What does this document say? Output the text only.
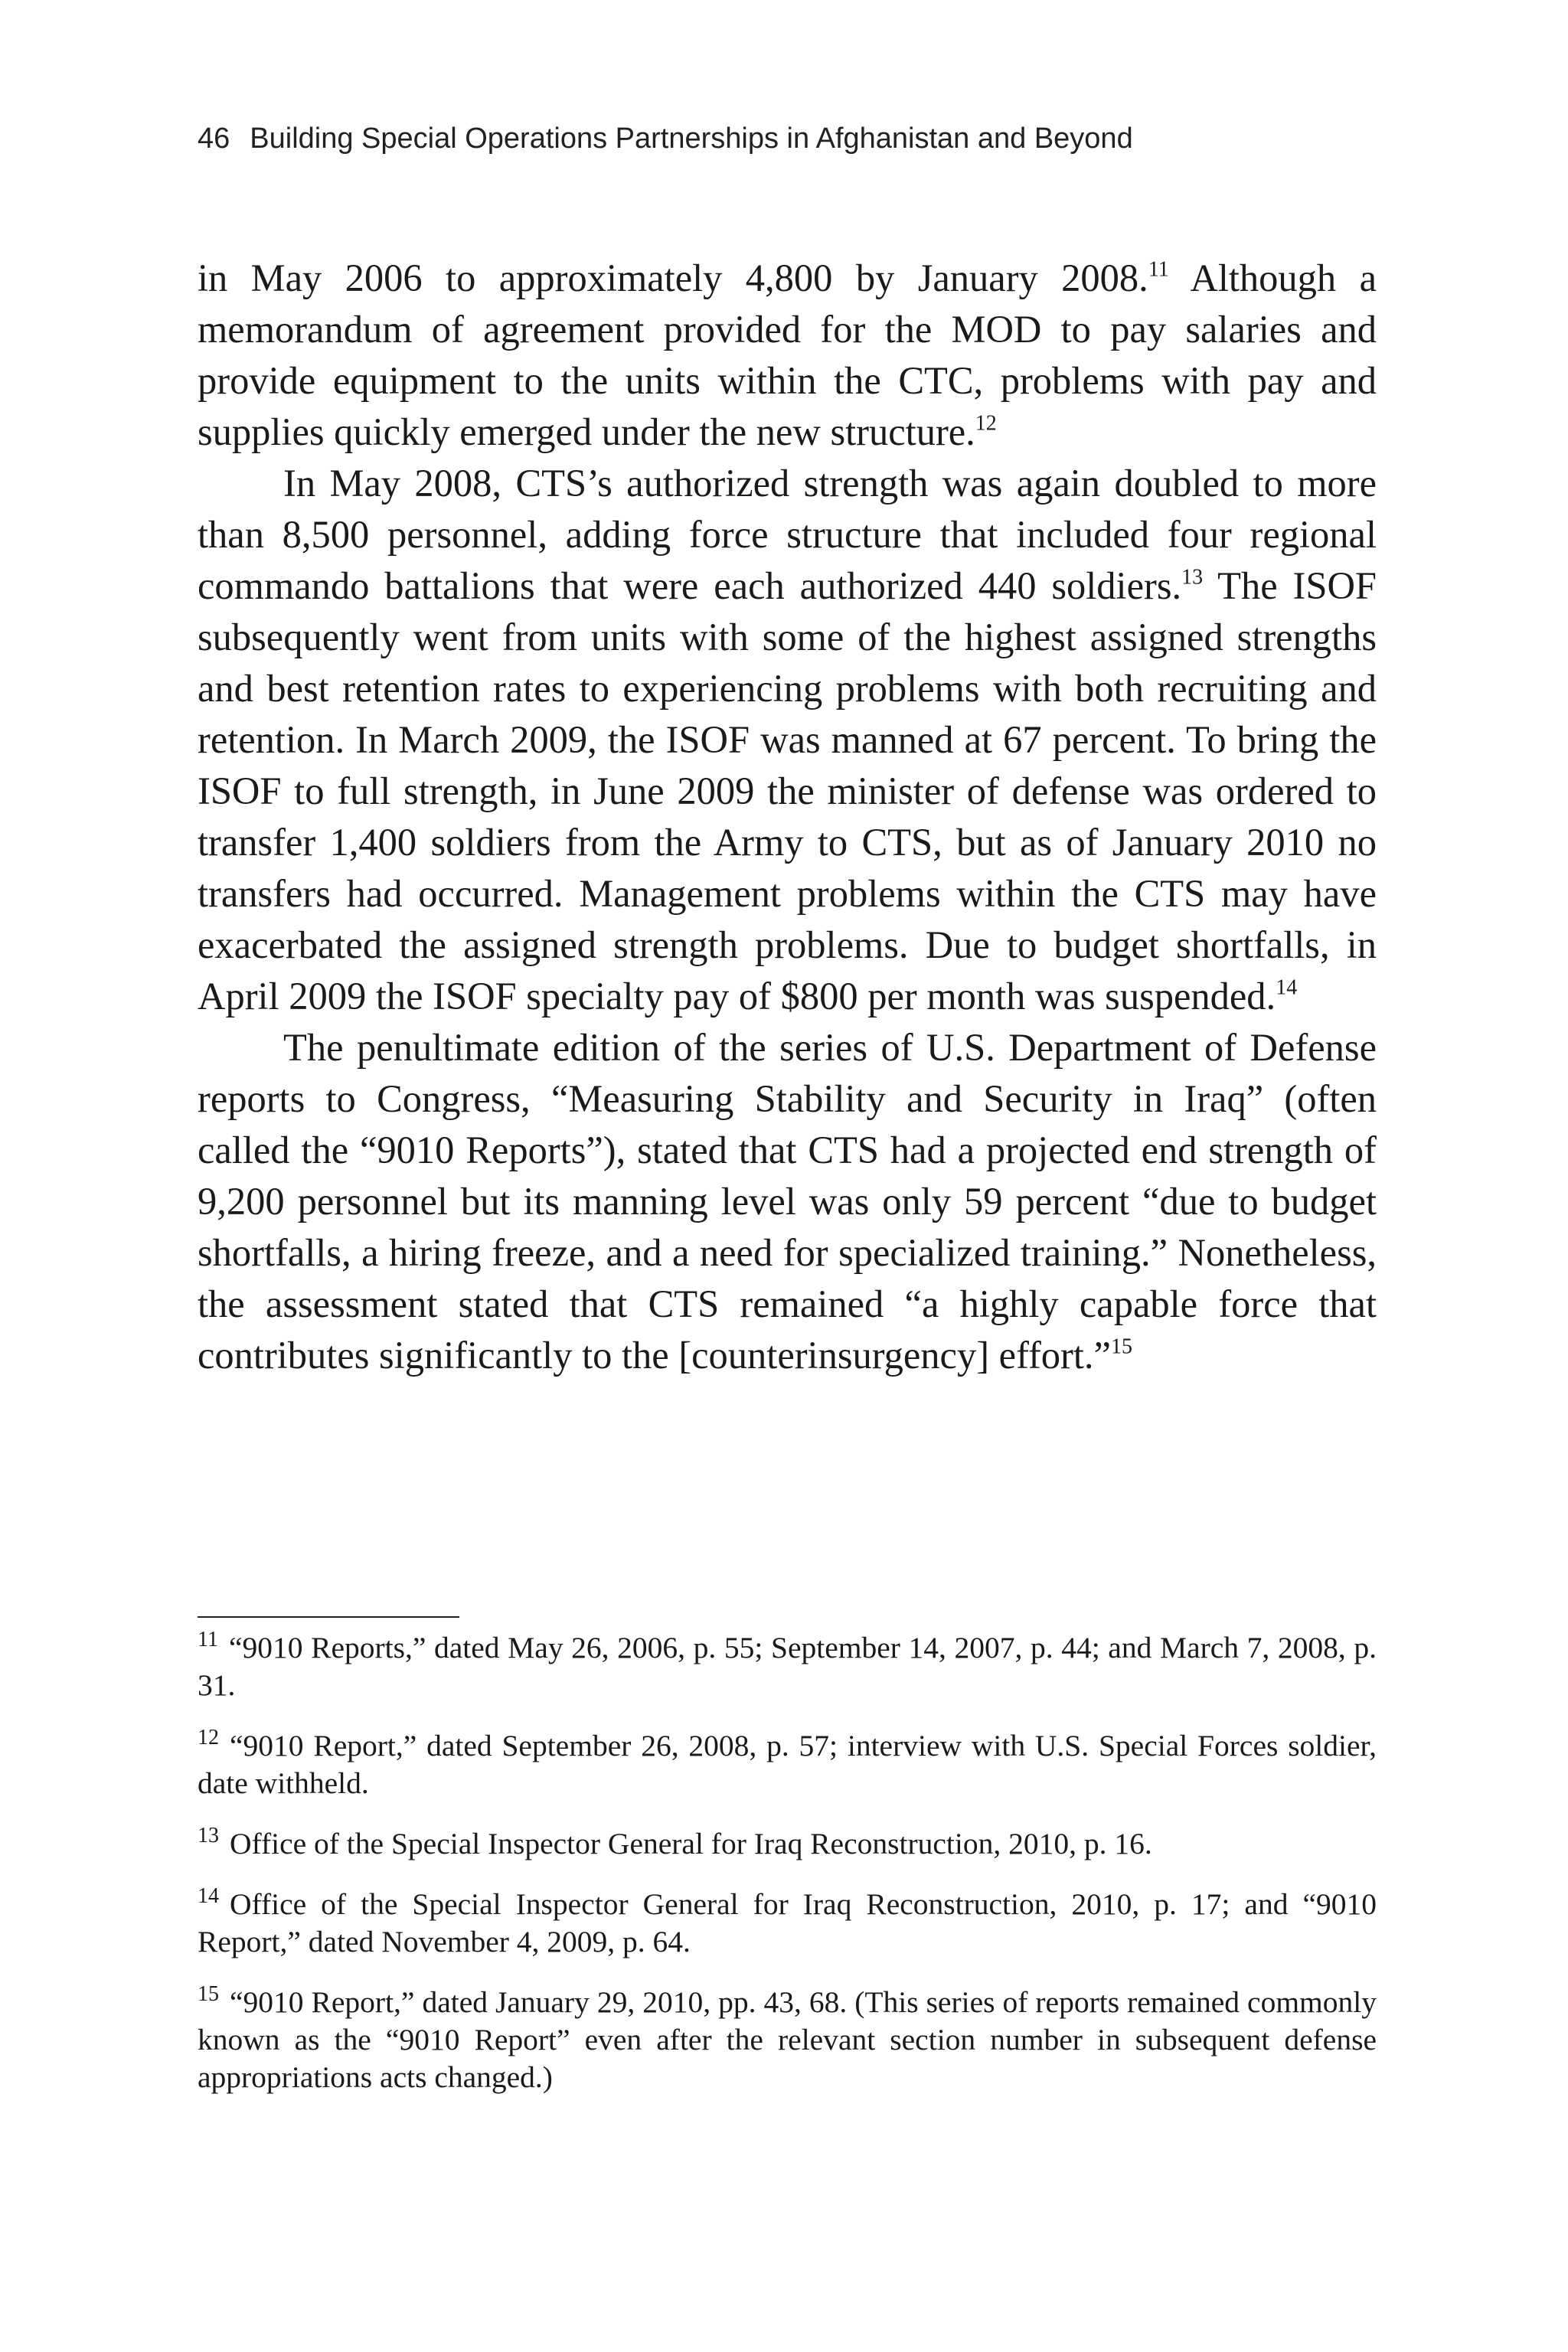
46 Building Special Operations Partnerships in Afghanistan and Beyond

in May 2006 to approximately 4,800 by January 2008.11 Although a memorandum of agreement provided for the MOD to pay salaries and provide equipment to the units within the CTC, problems with pay and supplies quickly emerged under the new structure.$^{12}$

In May 2008, CTS’s authorized strength was again doubled to more than 8,500 personnel, adding force structure that included four regional commando battalions that were each authorized 440 soldiers.$^{13}$ The ISOF subsequently went from units with some of the highest assigned strengths and best retention rates to experiencing problems with both recruiting and retention. In March 2009, the ISOF was manned at 67 percent. To bring the ISOF to full strength, in June 2009 the minister of defense was ordered to transfer 1,400 soldiers from the Army to CTS, but as of January 2010 no transfers had occurred. Management problems within the CTS may have exacerbated the assigned strength problems. Due to budget shortfalls, in April 2009 the ISOF specialty pay of $800 per month was suspended.$^{14}$

The penultimate edition of the series of U.S. Department of Defense reports to Congress, “Measuring Stability and Security in Iraq” (often called the “9010 Reports”), stated that CTS had a projected end strength of 9,200 personnel but its manning level was only 59 percent “due to budget shortfalls, a hiring freeze, and a need for specialized training.” Nonetheless, the assessment stated that CTS remained “a highly capable force that contributes significantly to the [counterinsurgency] effort.”$^{15}$

$^{11}$ “9010 Reports,” dated May 26, 2006, p. 55; September 14, 2007, p. 44; and March 7, 2008, p. 31.

$^{12}$ “9010 Report,” dated September 26, 2008, p. 57; interview with U.S. Special Forces soldier, date withheld.

$^{13}$ Office of the Special Inspector General for Iraq Reconstruction, 2010, p. 16.

$^{14}$ Office of the Special Inspector General for Iraq Reconstruction, 2010, p. 17; and “9010 Report,” dated November 4, 2009, p. 64.

$^{15}$ “9010 Report,” dated January 29, 2010, pp. 43, 68. (This series of reports remained commonly known as the “9010 Report” even after the relevant section number in subsequent defense appropriations acts changed.)
